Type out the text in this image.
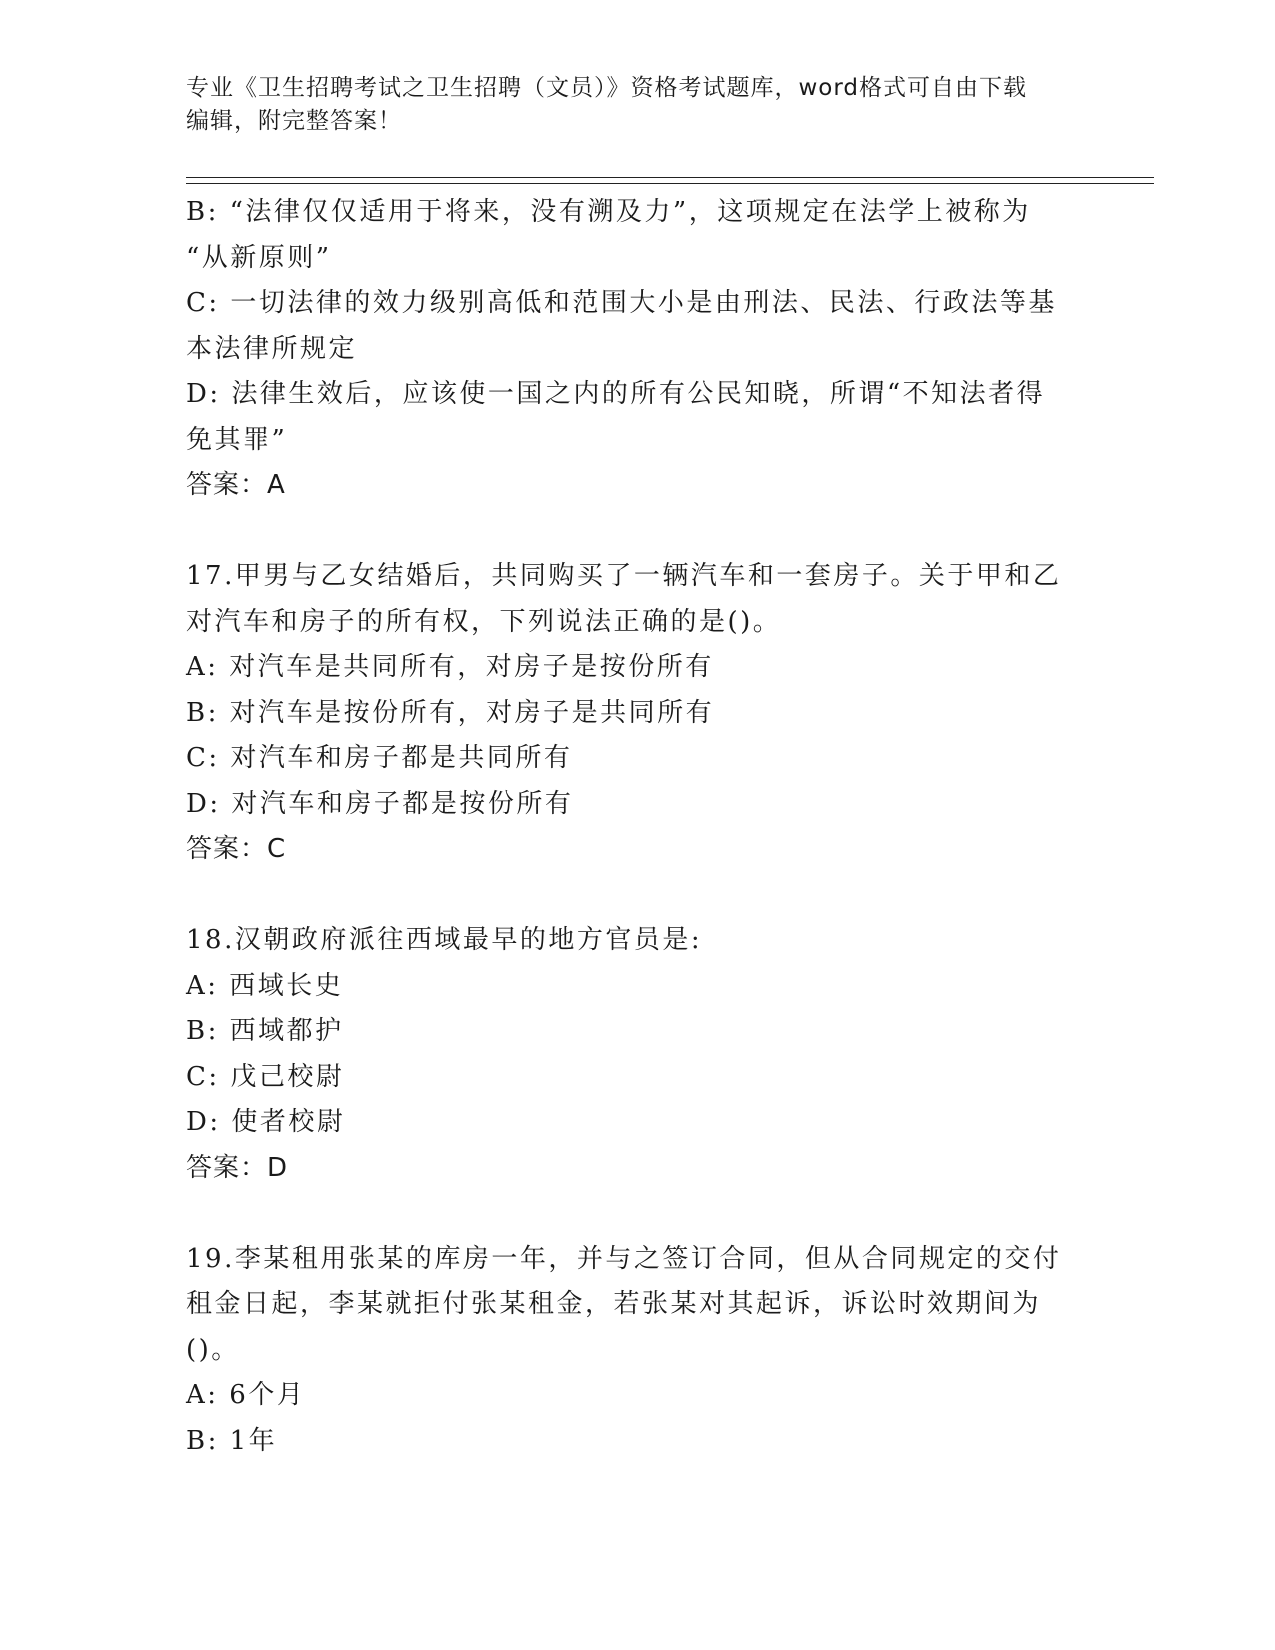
专业《卫生招聘考试之卫生招聘（文员）》资格考试题库，word格式可自由下载
编辑，附完整答案！
B: “法律仅仅适用于将来，没有溯及力”，这项规定在法学上被称为
“从新原则”
C: 一切法律的效力级别高低和范围大小是由刑法、民法、行政法等基
本法律所规定
D: 法律生效后，应该使一国之内的所有公民知晓，所谓“不知法者得
免其罪”
答案：A
17.甲男与乙女结婚后，共同购买了一辆汽车和一套房子。关于甲和乙
对汽车和房子的所有权，下列说法正确的是()。
A: 对汽车是共同所有，对房子是按份所有
B: 对汽车是按份所有，对房子是共同所有
C: 对汽车和房子都是共同所有
D: 对汽车和房子都是按份所有
答案：C
18.汉朝政府派往西域最早的地方官员是:
A: 西域长史
B: 西域都护
C: 戊己校尉
D: 使者校尉
答案：D
19.李某租用张某的库房一年，并与之签订合同，但从合同规定的交付
租金日起，李某就拒付张某租金，若张某对其起诉，诉讼时效期间为
()。
A: 6个月
B: 1年
